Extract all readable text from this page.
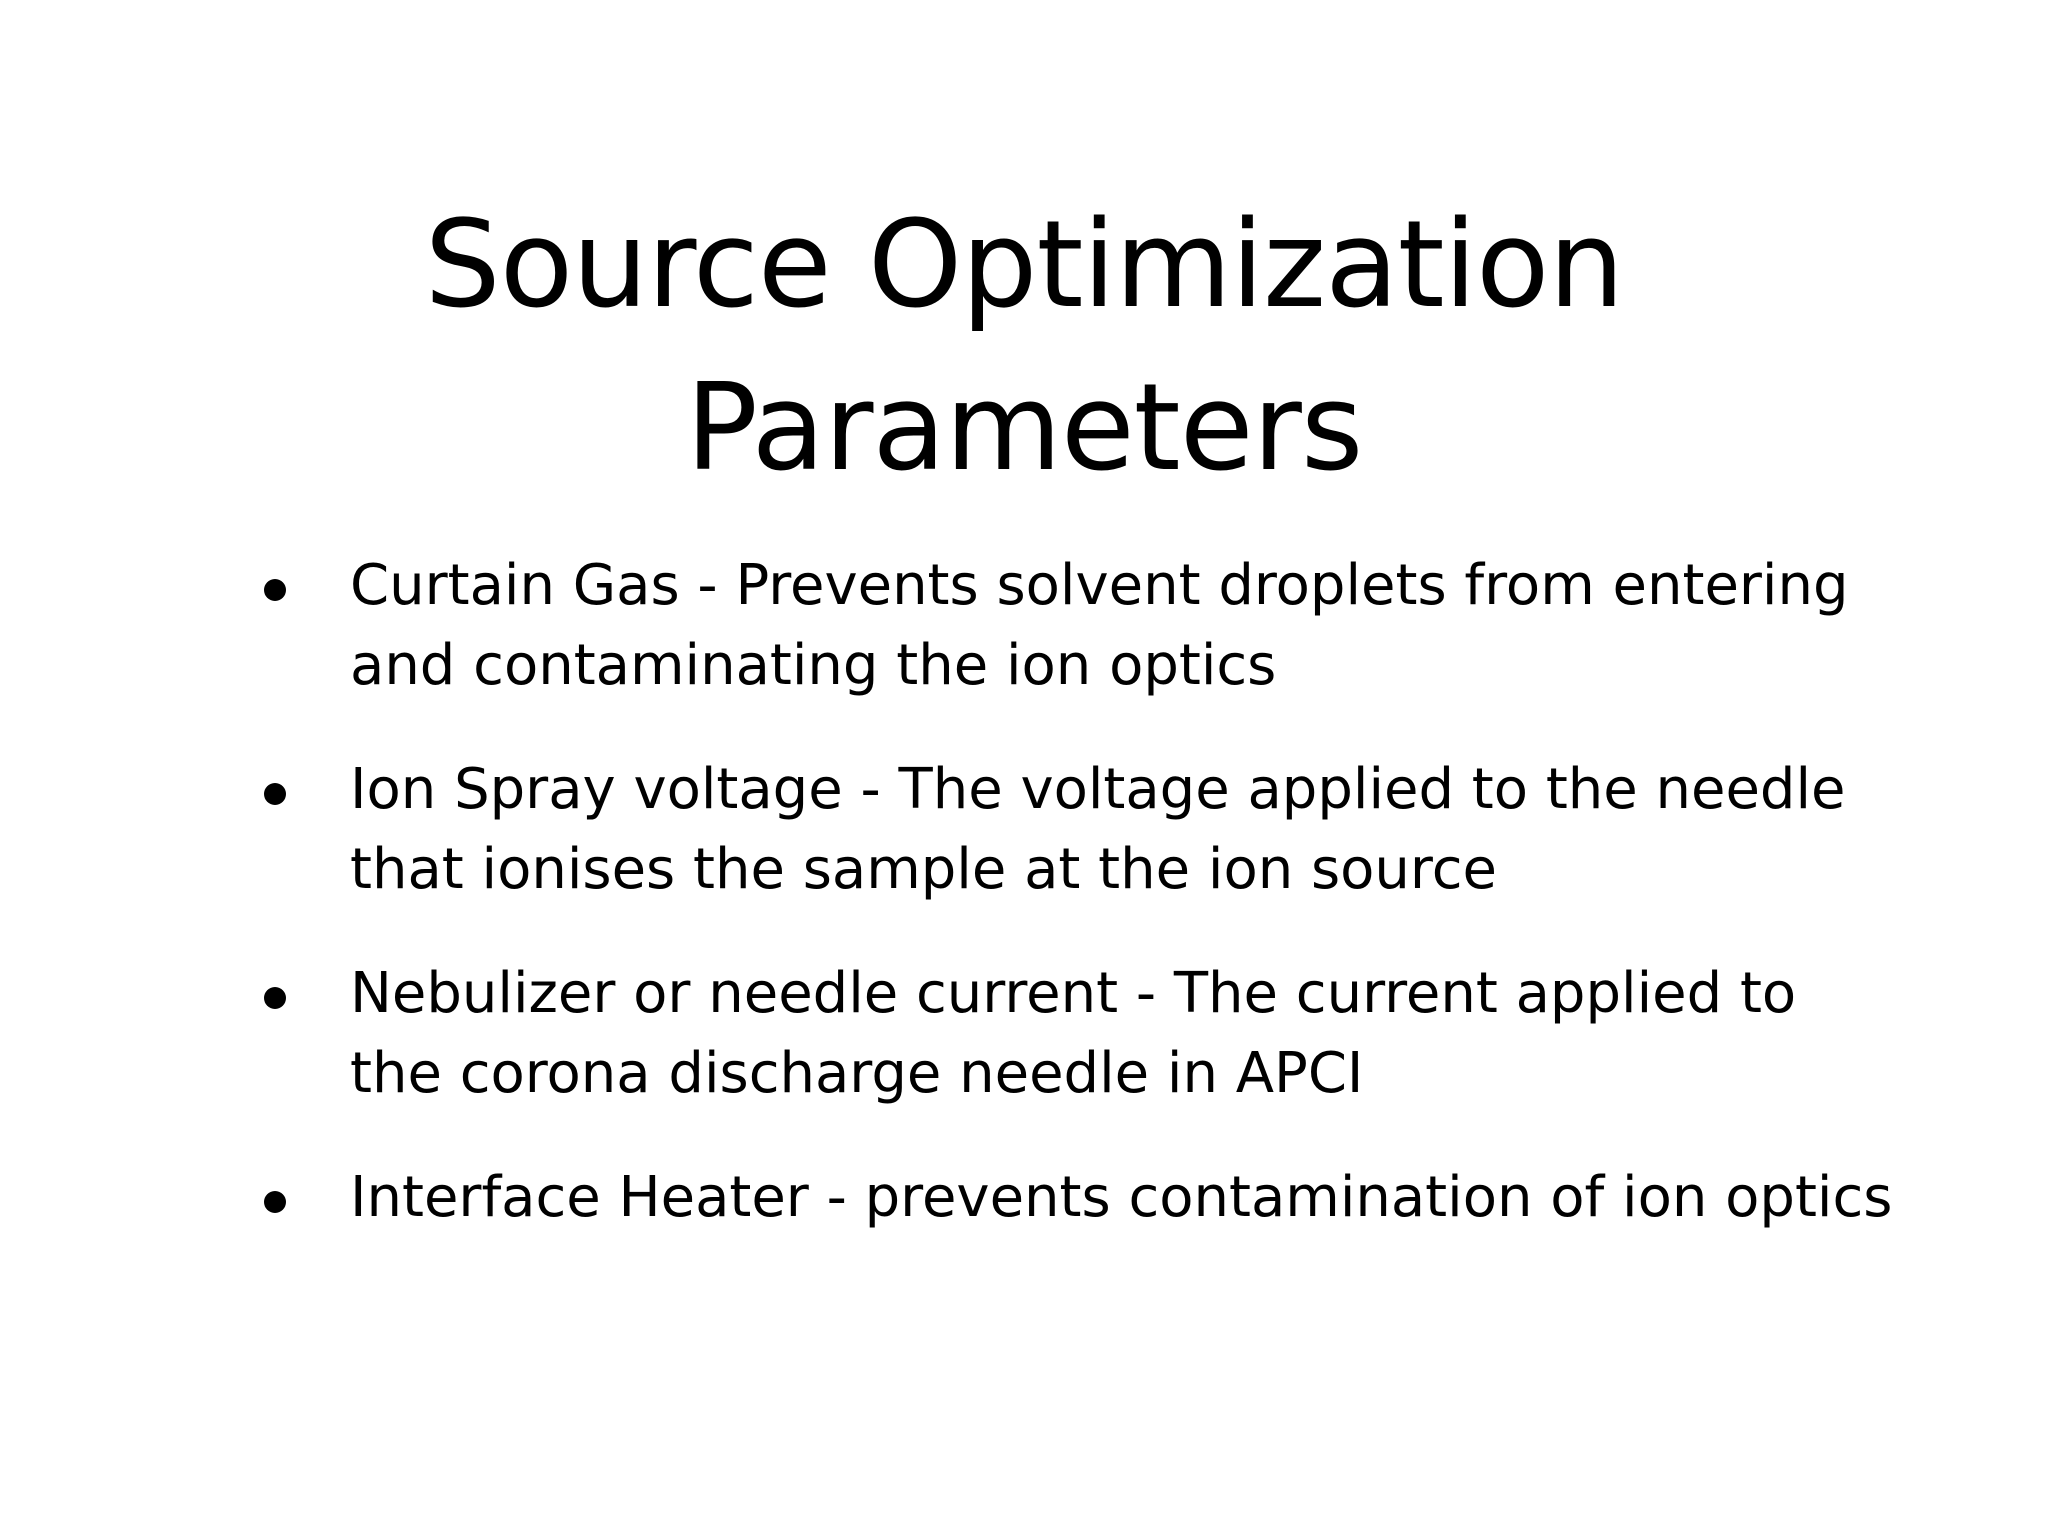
Source Optimization
Parameters
Curtain Gas - Prevents solvent droplets from entering
and contaminating the ion optics
Ion Spray voltage - The voltage applied to the needle
that ionises the sample at the ion source
Nebulizer or needle current - The current applied to
the corona discharge needle in APCI
Interface Heater - prevents contamination of ion optics
